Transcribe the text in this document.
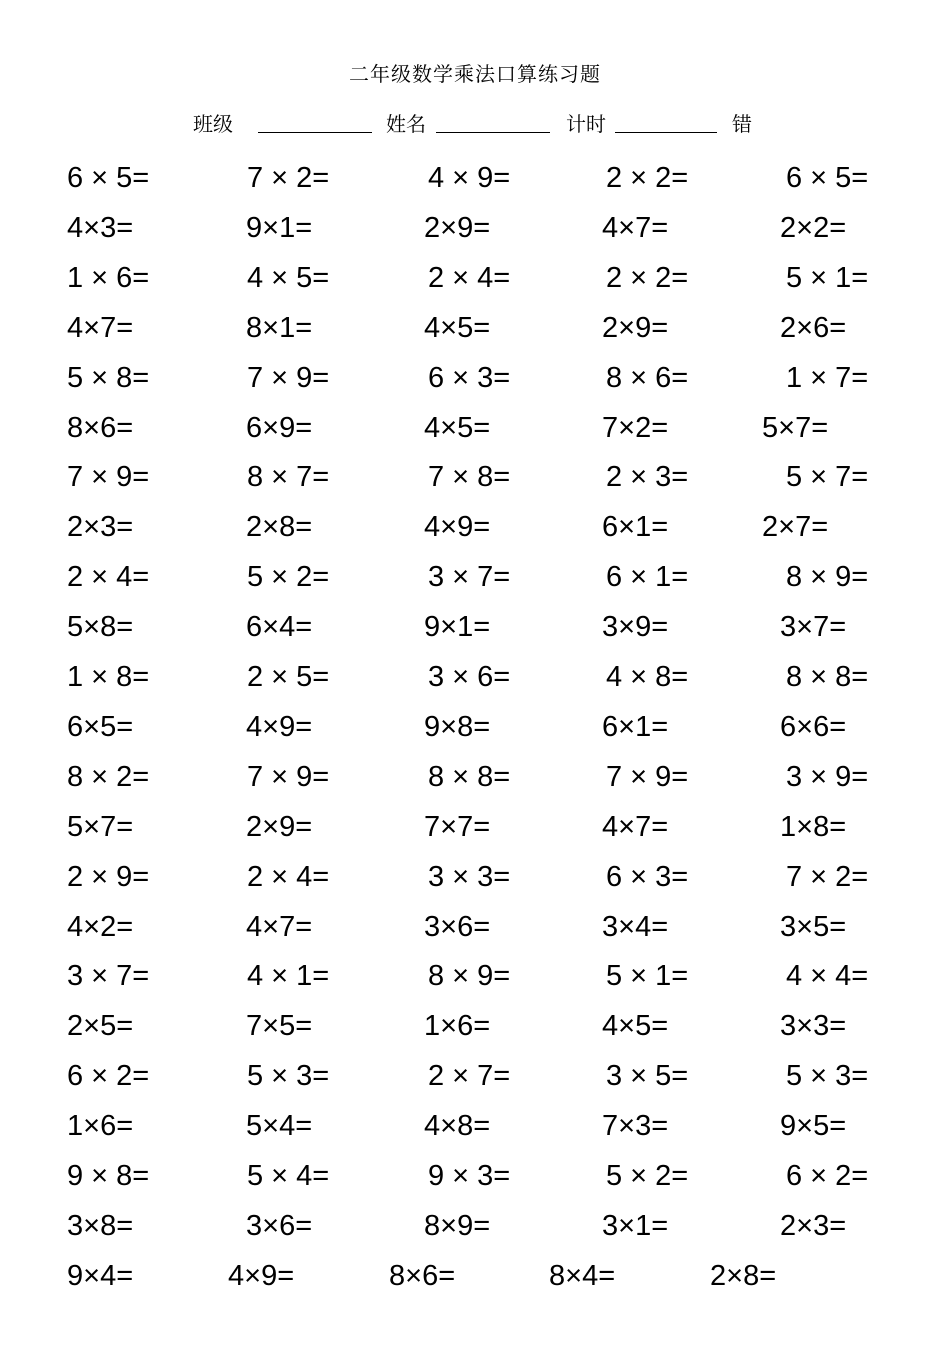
二年级数学乘法口算练习题
班级	姓名	计时	错
6 × 5=	7 × 2=	4 × 9=	2 × 2=	6 × 5=
4×3=	9×1=	2×9=	4×7=	2×2=
1 × 6=	4 × 5=	2 × 4=	2 × 2=	5 × 1=
4×7=	8×1=	4×5=	2×9=	2×6=
5 × 8=	7 × 9=	6 × 3=	8 × 6=	1 × 7=
8×6=	6×9=	4×5=	7×2=	5×7=
7 × 9=	8 × 7=	7 × 8=	2 × 3=	5 × 7=
2×3=	2×8=	4×9=	6×1=	2×7=
2 × 4=	5 × 2=	3 × 7=	6 × 1=	8 × 9=
5×8=	6×4=	9×1=	3×9=	3×7=
1 × 8=	2 × 5=	3 × 6=	4 × 8=	8 × 8=
6×5=	4×9=	9×8=	6×1=	6×6=
8 × 2=	7 × 9=	8 × 8=	7 × 9=	3 × 9=
5×7=	2×9=	7×7=	4×7=	1×8=
2 × 9=	2 × 4=	3 × 3=	6 × 3=	7 × 2=
4×2=	4×7=	3×6=	3×4=	3×5=
3 × 7=	4 × 1=	8 × 9=	5 × 1=	4 × 4=
2×5=	7×5=	1×6=	4×5=	3×3=
6 × 2=	5 × 3=	2 × 7=	3 × 5=	5 × 3=
1×6=	5×4=	4×8=	7×3=	9×5=
9 × 8=	5 × 4=	9 × 3=	5 × 2=	6 × 2=
3×8=	3×6=	8×9=	3×1=	2×3=
9×4=	4×9=	8×6=	8×4=	2×8=
